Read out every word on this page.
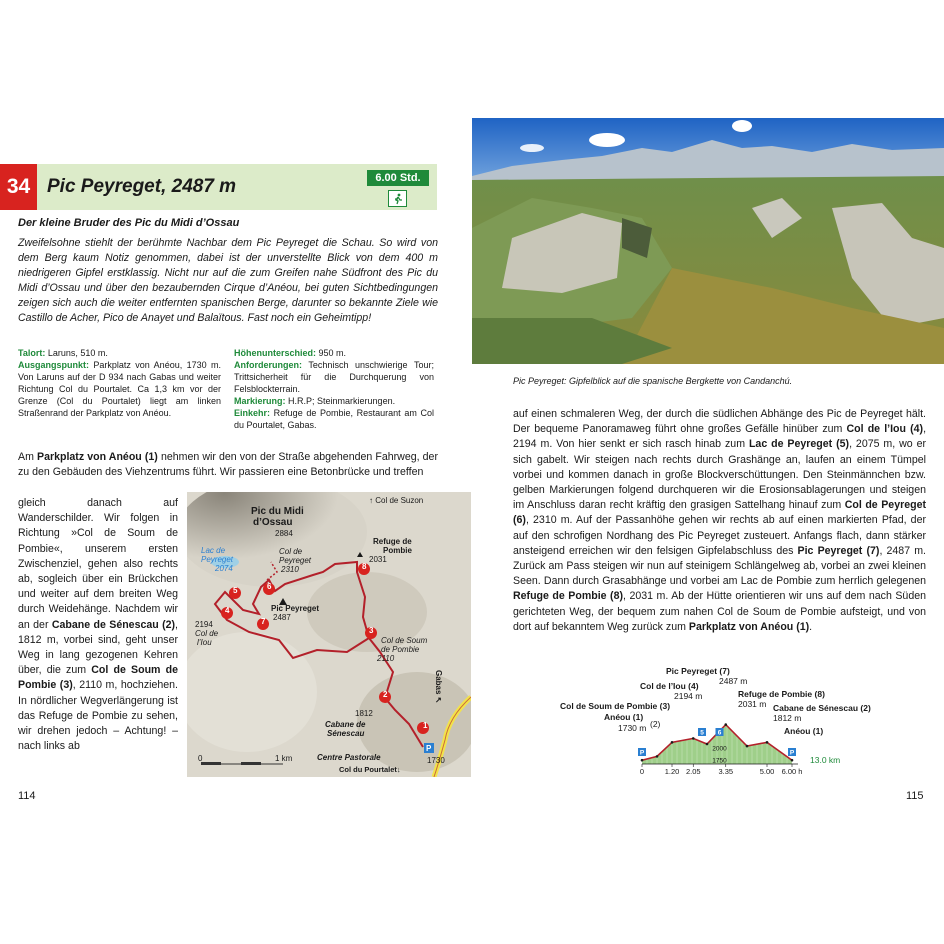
34 Pic Peyreget, 2487 m	6.00 Std.
Der kleine Bruder des Pic du Midi d’Ossau
Zweifelsohne stiehlt der berühmte Nachbar dem Pic Peyreget die Schau. So wird von dem Berg kaum Notiz genommen, dabei ist der unverstellte Blick von dem 400 m niedrigeren Gipfel erstklassig. Nicht nur auf die zum Greifen nahe Südfront des Pic du Midi d’Ossau und über den bezaubernden Cirque d’Anéou, bei guten Sichtbedingungen zeigen sich auch die weiter entfernten spanischen Berge, darunter so bekannte Ziele wie Castillo de Acher, Pico de Anayet und Balaïtous. Fast noch ein Geheimtipp!
Talort: Laruns, 510 m.
Ausgangspunkt: Parkplatz von Anéou, 1730 m. Von Laruns auf der D 934 nach Gabas und weiter Richtung Col du Pourtalet. Ca 1,3 km vor der Grenze (Col du Pourtalet) liegt am linken Straßenrand der Parkplatz von Anéou.
Höhenunterschied: 950 m.
Anforderungen: Technisch unschwierige Tour; Trittsicherheit für die Durchquerung von Felsblockterrain.
Markierung: H.R.P; Steinmarkierungen.
Einkehr: Refuge de Pombie, Restaurant am Col du Pourtalet, Gabas.
Am Parkplatz von Anéou (1) nehmen wir den von der Straße abgehenden Fahrweg, der zu den Gebäuden des Viehzentrums führt. Wir passieren eine Betonbrücke und treffen
gleich danach auf Wanderschilder. Wir folgen in Richtung »Col de Soum de Pombie«, unserem ersten Zwischenziel, gehen also rechts ab, sogleich über ein Brückchen und weiter auf dem breiten Weg durch Weidehänge. Nachdem wir an der Cabane de Sénescau (2), 1812 m, vorbei sind, geht unser Weg in lang gezogenen Kehren über, die zum Col de Soum de Pombie (3), 2110 m, hochziehen. In nördlicher Wegverlängerung ist das Refuge de Pombie zu sehen, wir drehen jedoch – Achtung! – nach links ab
1
2
3
4
5	6
7
8
P
Pic du Midi
d’Ossau
2884
↑ Col de Suzon
Lac de
Peyreget
2074
Col de
Peyreget
2310
Refuge de
Pombie
2031
Pic Peyreget
2487
2194
Col de
l’Iou	Col de Soum
de Pombie
2110
Gabas ↖
1812
Cabane de
Sénescau
Centre Pastorale
Col du Pourtalet↓
1730
0	1 km
114
Pic Peyreget: Gipfelblick auf die spanische Bergkette von Candanchú.
auf einen schmaleren Weg, der durch die südlichen Abhänge des Pic de Peyreget hält. Der bequeme Panoramaweg führt ohne großes Gefälle hinüber zum Col de l’Iou (4), 2194 m. Von hier senkt er sich rasch hinab zum Lac de Peyreget (5), 2075 m, wo er sich gabelt. Wir steigen nach rechts durch Grashänge an, laufen an einem Tümpel vorbei und kommen danach in große Blockverschüttungen. Den Steinmännchen bzw. gelben Markierungen folgend durchqueren wir die Erosionsablagerungen und steigen im Anschluss daran recht kräftig den grasigen Sattelhang hinauf zum Col de Peyreget (6), 2310 m. Auf der Passanhöhe gehen wir rechts ab auf einen markierten Pfad, der auf den schrofigen Nordhang des Pic Peyreget zusteuert. Anfangs flach, dann stärker ansteigend erreichen wir den felsigen Gipfelabschluss des Pic Peyreget (7), 2487 m. Zurück am Pass steigen wir nun auf steinigem Schlängelweg ab, vorbei an zwei kleinen Seen. Dann durch Grasabhänge und vorbei am Lac de Pombie zum herrlich gelegenen Refuge de Pombie (8), 2031 m. Ab der Hütte orientieren wir uns auf dem nach Süden gerichteten Weg, der bequem zum nahen Col de Soum de Pombie aufsteigt, und von dort auf bekanntem Weg zurück zum Parkplatz von Anéou (1).
P
5 6
P
0	1.20 2.05 3.35	5.00 6.00 h
2000
1750
Pic Peyreget (7)
2487 m
Col de l’Iou (4)
2194 m	Refuge de Pombie (8)
2031 m
Col de Soum de Pombie (3)	Cabane de Sénescau (2)
1812 m
Anéou (1)
(2)
1730 m	Anéou (1)
13.0 km
115
